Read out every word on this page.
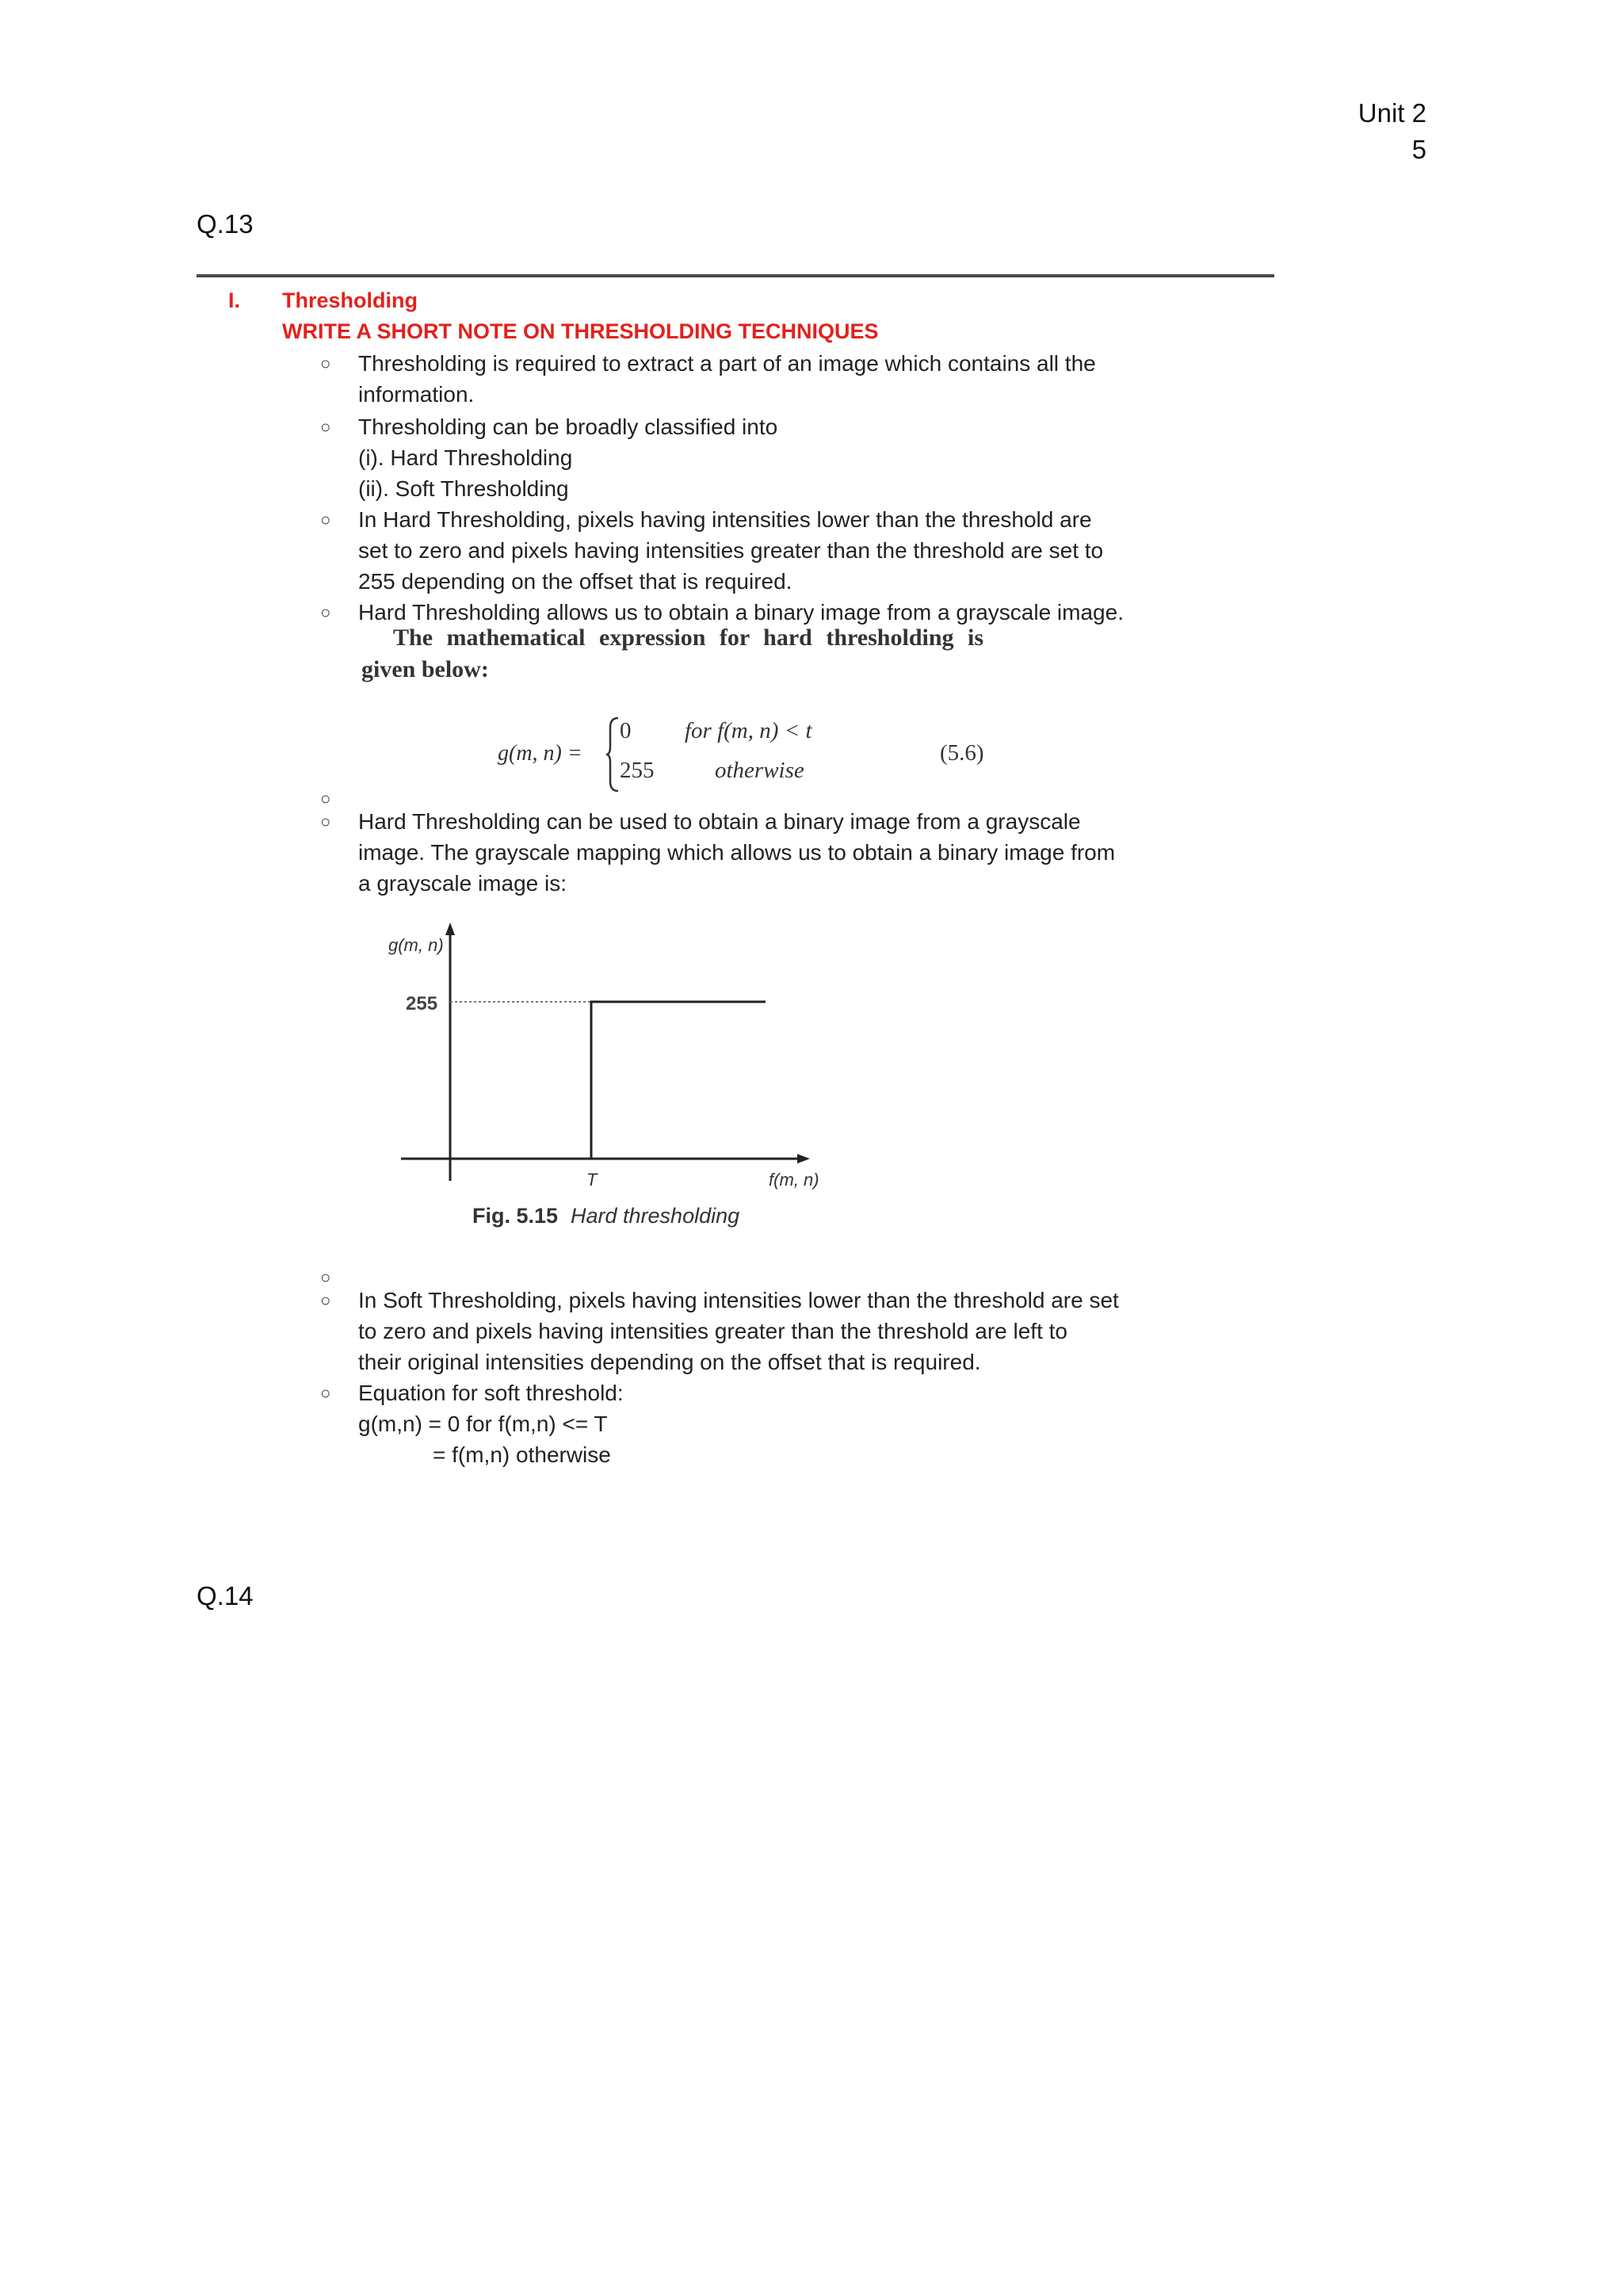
Unit 2
5
Q.13
I. Thresholding
WRITE A SHORT NOTE ON THRESHOLDING TECHNIQUES
○ Thresholding is required to extract a part of an image which contains all the
information.
○ Thresholding can be broadly classified into
(i). Hard Thresholding
(ii). Soft Thresholding
○ In Hard Thresholding, pixels having intensities lower than the threshold are
set to zero and pixels having intensities greater than the threshold are set to
255 depending on the offset that is required.
○ Hard Thresholding allows us to obtain a binary image from a grayscale image.
The mathematical expression for hard thresholding is
given below:
g(m, n) =
0 for f(m, n) < t
255	otherwise
(5.6)
○
○ Hard Thresholding can be used to obtain a binary image from a grayscale
image. The grayscale mapping which allows us to obtain a binary image from
a grayscale image is:
g(m, n)
255
T	f(m, n)
Fig. 5.15 Hard thresholding
○
○ In Soft Thresholding, pixels having intensities lower than the threshold are set
to zero and pixels having intensities greater than the threshold are left to
their original intensities depending on the offset that is required.
○ Equation for soft threshold:
g(m,n) = 0 for f(m,n) <= T
= f(m,n) otherwise
Q.14
